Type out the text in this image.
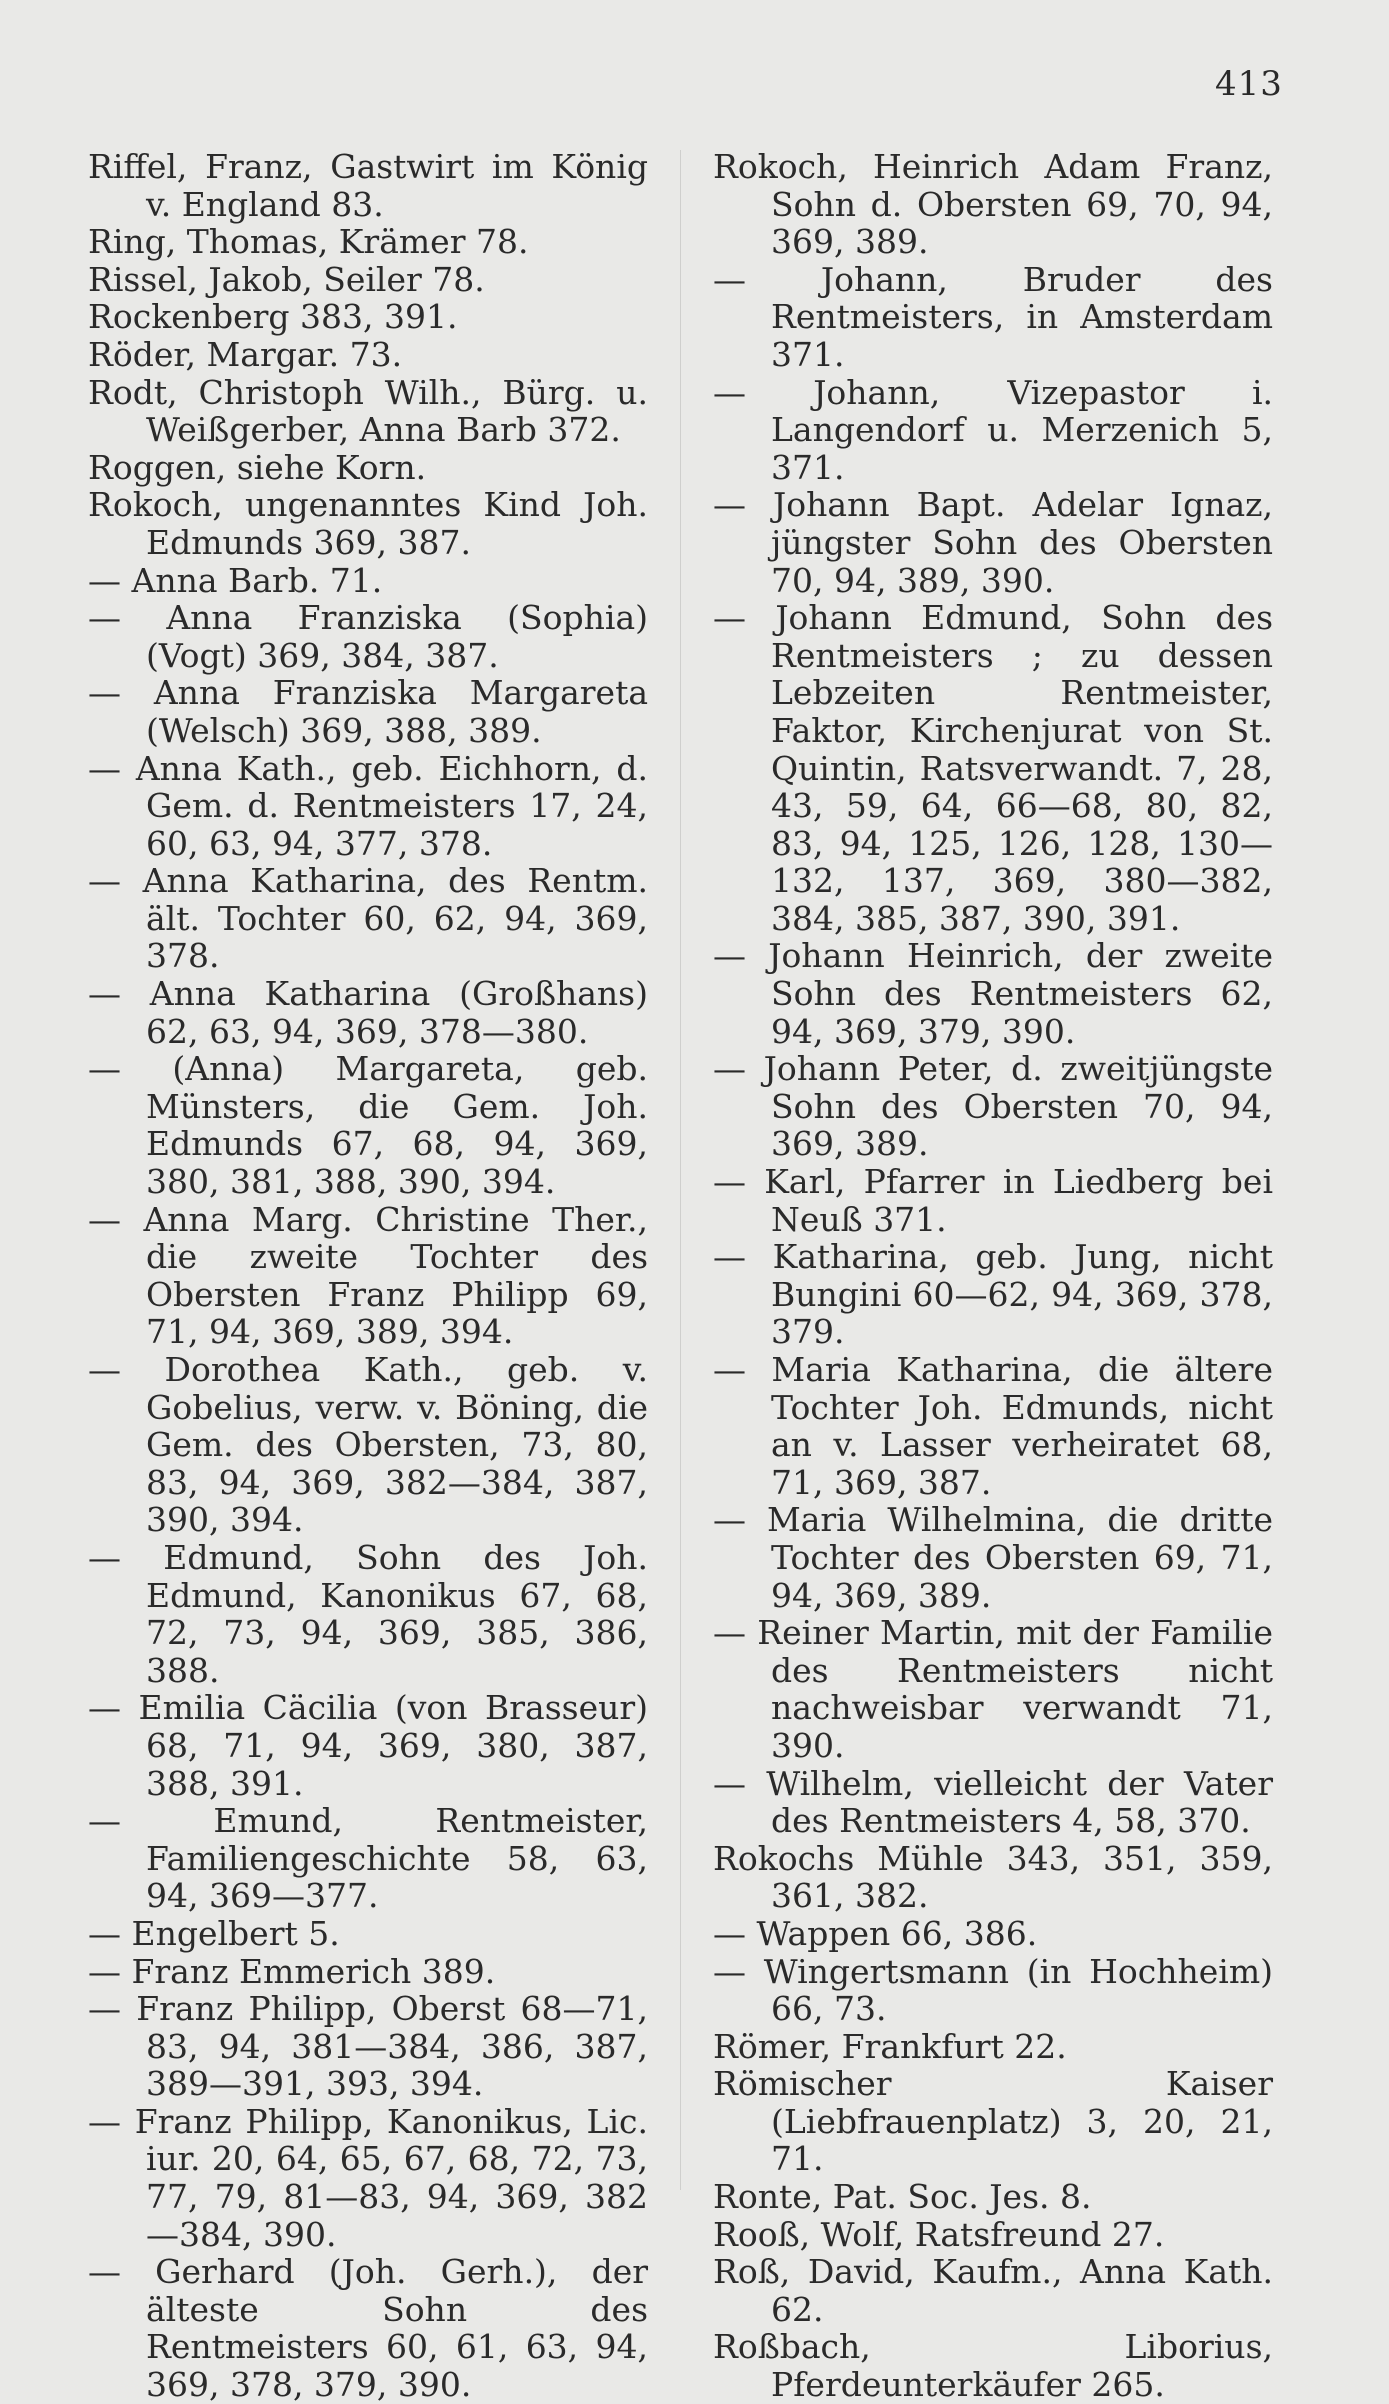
413
Riffel, Franz, Gastwirt im König v. England 83.
Ring, Thomas, Krämer 78.
Rissel, Jakob, Seiler 78.
Rockenberg 383, 391.
Röder, Margar. 73.
Rodt, Christoph Wilh., Bürg. u. Weißgerber, Anna Barb 372.
Roggen, siehe Korn.
Rokoch, ungenanntes Kind Joh. Edmunds 369, 387.
— Anna Barb. 71.
— Anna Franziska (Sophia) (Vogt) 369, 384, 387.
— Anna Franziska Margareta (Welsch) 369, 388, 389.
— Anna Kath., geb. Eichhorn, d. Gem. d. Rentmeisters 17, 24, 60, 63, 94, 377, 378.
— Anna Katharina, des Rentm. ält. Tochter 60, 62, 94, 369, 378.
— Anna Katharina (Großhans) 62, 63, 94, 369, 378—380.
— (Anna) Margareta, geb. Münsters, die Gem. Joh. Edmunds 67, 68, 94, 369, 380, 381, 388, 390, 394.
— Anna Marg. Christine Ther., die zweite Tochter des Obersten Franz Philipp 69, 71, 94, 369, 389, 394.
— Dorothea Kath., geb. v. Gobelius, verw. v. Böning, die Gem. des Obersten, 73, 80, 83, 94, 369, 382—384, 387, 390, 394.
— Edmund, Sohn des Joh. Edmund, Kanonikus 67, 68, 72, 73, 94, 369, 385, 386, 388.
— Emilia Cäcilia (von Brasseur) 68, 71, 94, 369, 380, 387, 388, 391.
— Emund, Rentmeister, Familiengeschichte 58, 63, 94, 369—377.
— Engelbert 5.
— Franz Emmerich 389.
— Franz Philipp, Oberst 68—71, 83, 94, 381—384, 386, 387, 389—391, 393, 394.
— Franz Philipp, Kanonikus, Lic. iur. 20, 64, 65, 67, 68, 72, 73, 77, 79, 81—83, 94, 369, 382—384, 390.
— Gerhard (Joh. Gerh.), der älteste Sohn des Rentmeisters 60, 61, 63, 94, 369, 378, 379, 390.
Rokoch, Heinrich Adam Franz, Sohn d. Obersten 69, 70, 94, 369, 389.
— Johann, Bruder des Rentmeisters, in Amsterdam 371.
— Johann, Vizepastor i. Langendorf u. Merzenich 5, 371.
— Johann Bapt. Adelar Ignaz, jüngster Sohn des Obersten 70, 94, 389, 390.
— Johann Edmund, Sohn des Rentmeisters ; zu dessen Lebzeiten Rentmeister, Faktor, Kirchenjurat von St. Quintin, Ratsverwandt. 7, 28, 43, 59, 64, 66—68, 80, 82, 83, 94, 125, 126, 128, 130—132, 137, 369, 380—382, 384, 385, 387, 390, 391.
— Johann Heinrich, der zweite Sohn des Rentmeisters 62, 94, 369, 379, 390.
— Johann Peter, d. zweitjüngste Sohn des Obersten 70, 94, 369, 389.
— Karl, Pfarrer in Liedberg bei Neuß 371.
— Katharina, geb. Jung, nicht Bungini 60—62, 94, 369, 378, 379.
— Maria Katharina, die ältere Tochter Joh. Edmunds, nicht an v. Lasser verheiratet 68, 71, 369, 387.
— Maria Wilhelmina, die dritte Tochter des Obersten 69, 71, 94, 369, 389.
— Reiner Martin, mit der Familie des Rentmeisters nicht nachweisbar verwandt 71, 390.
— Wilhelm, vielleicht der Vater des Rentmeisters 4, 58, 370.
Rokochs Mühle 343, 351, 359, 361, 382.
— Wappen 66, 386.
— Wingertsmann (in Hochheim) 66, 73.
Römer, Frankfurt 22.
Römischer Kaiser (Liebfrauenplatz) 3, 20, 21, 71.
Ronte, Pat. Soc. Jes. 8.
Rooß, Wolf, Ratsfreund 27.
Roß, David, Kaufm., Anna Kath. 62.
Roßbach, Liborius, Pferdeunterkäufer 265.
